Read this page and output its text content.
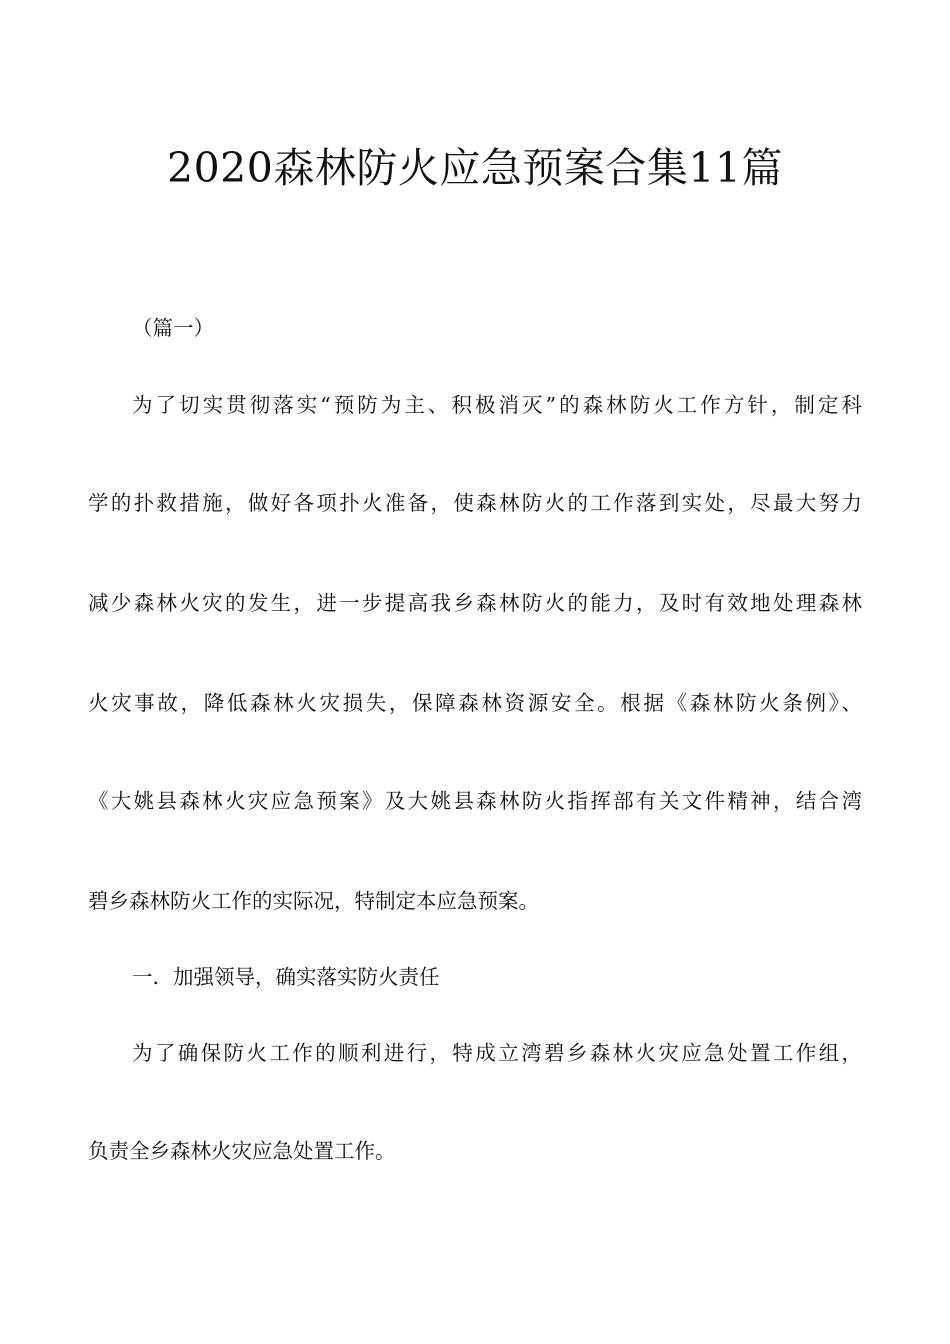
2020森林防火应急预案合集11篇
（篇一）
为了切实贯彻落实“预防为主、积极消灭”的森林防火工作方针，制定科
学的扑救措施，做好各项扑火准备，使森林防火的工作落到实处，尽最大努力
减少森林火灾的发生，进一步提高我乡森林防火的能力，及时有效地处理森林
火灾事故，降低森林火灾损失，保障森林资源安全。根据《森林防火条例》、
《大姚县森林火灾应急预案》及大姚县森林防火指挥部有关文件精神，结合湾
碧乡森林防火工作的实际况，特制定本应急预案。
一．加强领导，确实落实防火责任
为了确保防火工作的顺利进行，特成立湾碧乡森林火灾应急处置工作组，
负责全乡森林火灾应急处置工作。
